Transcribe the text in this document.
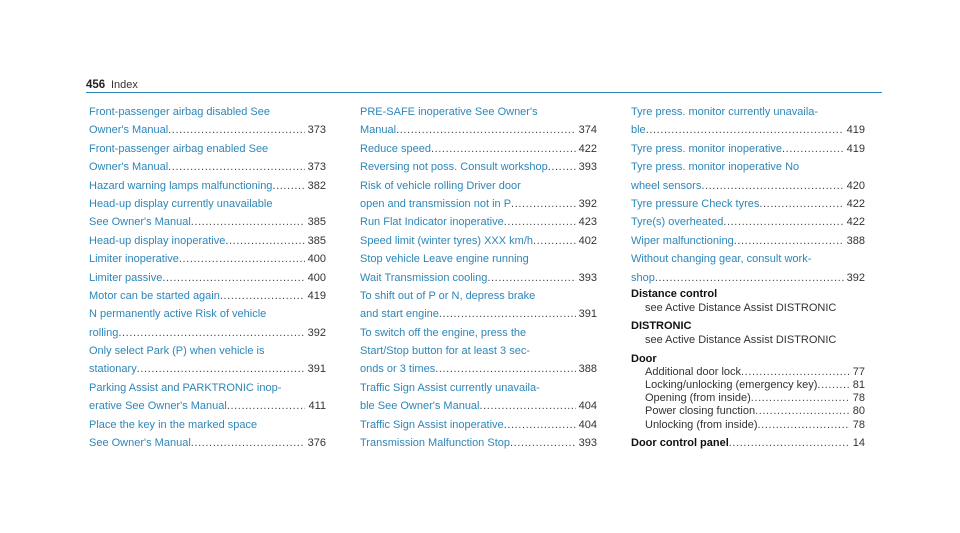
456 Index
Front-passenger airbag disabled See
Owner's Manual .....	373
Front-passenger airbag enabled See
Owner's Manual .....	373
Hazard warning lamps malfunctioning .....	382
Head-up display currently unavailable
See Owner's Manual .....	385
Head-up display inoperative .....	385
Limiter inoperative .....	400
Limiter passive .....	400
Motor can be started again .....	419
N permanently active Risk of vehicle
rolling .....	392
Only select Park (P) when vehicle is
stationary .....	391
Parking Assist and PARKTRONIC inop-
erative See Owner's Manual .....	411
Place the key in the marked space
See Owner's Manual .....	376
PRE-SAFE inoperative See Owner's
Manual .....	374
Reduce speed .....	422
Reversing not poss. Consult workshop .....	393
Risk of vehicle rolling Driver door
open and transmission not in P .....	392
Run Flat Indicator inoperative .....	423
Speed limit (winter tyres) XXX km/h .....	402
Stop vehicle Leave engine running
Wait Transmission cooling .....	393
To shift out of P or N, depress brake
and start engine .....	391
To switch off the engine, press the
Start/Stop button for at least 3 sec-
onds or 3 times .....	388
Traffic Sign Assist currently unavaila-
ble See Owner's Manual .....	404
Traffic Sign Assist inoperative .....	404
Transmission Malfunction Stop .....	393
Tyre press. monitor currently unavaila-
ble .....	419
Tyre press. monitor inoperative .....	419
Tyre press. monitor inoperative No
wheel sensors .....	420
Tyre pressure Check tyres .....	422
Tyre(s) overheated .....	422
Wiper malfunctioning .....	388
Without changing gear, consult work-
shop .....	392
Distance control
see Active Distance Assist DISTRONIC
DISTRONIC
see Active Distance Assist DISTRONIC
Door
Additional door lock .....	77
Locking/unlocking (emergency key) .....	81
Opening (from inside) .....	78
Power closing function .....	80
Unlocking (from inside) .....	78
Door control panel .....	14
